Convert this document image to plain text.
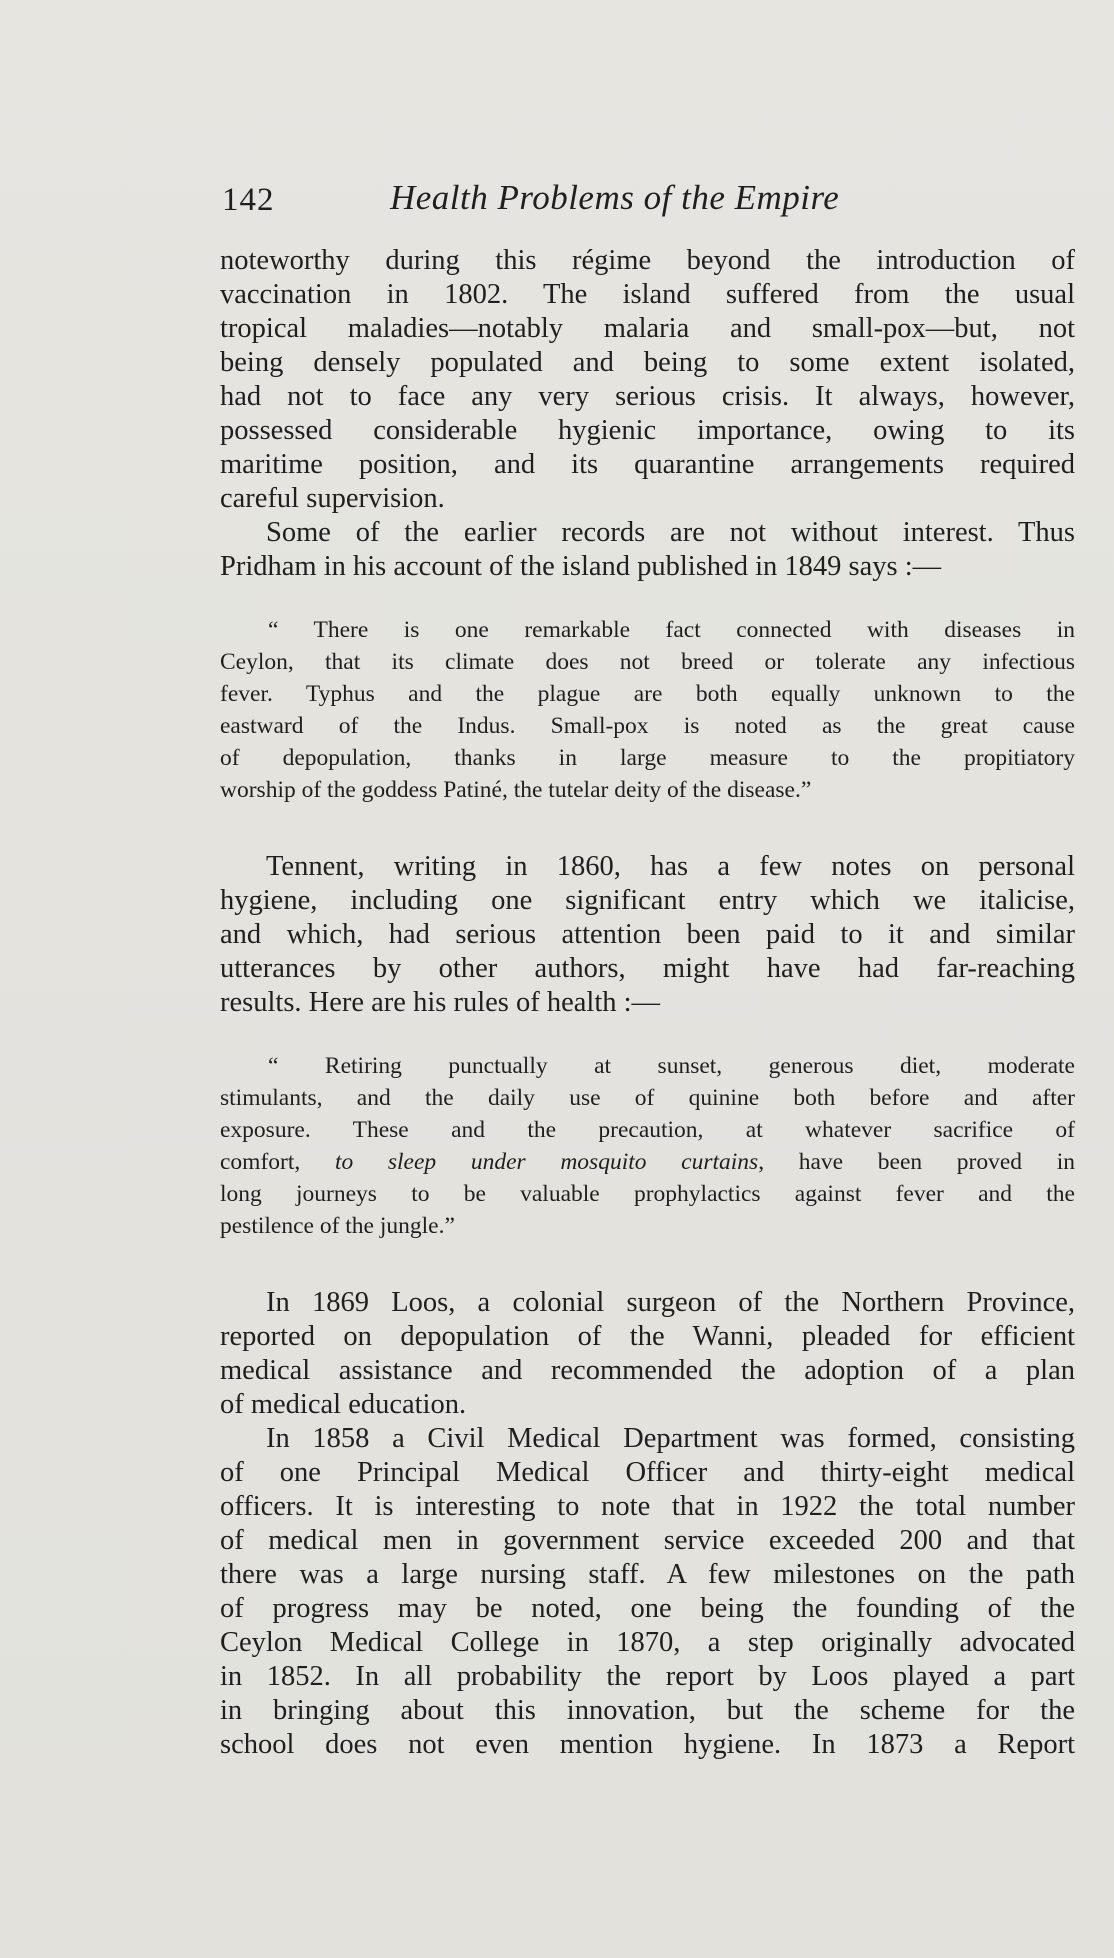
142	Health Problems of the Empire
noteworthy during this régime beyond the introduction of
vaccination in 1802. The island suffered from the usual
tropical maladies—notably malaria and small-pox—but, not
being densely populated and being to some extent isolated,
had not to face any very serious crisis. It always, however,
possessed considerable hygienic importance, owing to its
maritime position, and its quarantine arrangements required
careful supervision.
Some of the earlier records are not without interest. Thus
Pridham in his account of the island published in 1849 says :—
“ There is one remarkable fact connected with diseases in
Ceylon, that its climate does not breed or tolerate any infectious
fever. Typhus and the plague are both equally unknown to the
eastward of the Indus. Small-pox is noted as the great cause
of depopulation, thanks in large measure to the propitiatory
worship of the goddess Patiné, the tutelar deity of the disease.”
Tennent, writing in 1860, has a few notes on personal
hygiene, including one significant entry which we italicise,
and which, had serious attention been paid to it and similar
utterances by other authors, might have had far-reaching
results. Here are his rules of health :—
“ Retiring punctually at sunset, generous diet, moderate
stimulants, and the daily use of quinine both before and after
exposure. These and the precaution, at whatever sacrifice of
comfort, to sleep under mosquito curtains, have been proved in
long journeys to be valuable prophylactics against fever and the
pestilence of the jungle.”
In 1869 Loos, a colonial surgeon of the Northern Province,
reported on depopulation of the Wanni, pleaded for efficient
medical assistance and recommended the adoption of a plan
of medical education.
In 1858 a Civil Medical Department was formed, consisting
of one Principal Medical Officer and thirty-eight medical
officers. It is interesting to note that in 1922 the total number
of medical men in government service exceeded 200 and that
there was a large nursing staff. A few milestones on the path
of progress may be noted, one being the founding of the
Ceylon Medical College in 1870, a step originally advocated
in 1852. In all probability the report by Loos played a part
in bringing about this innovation, but the scheme for the
school does not even mention hygiene. In 1873 a Report
